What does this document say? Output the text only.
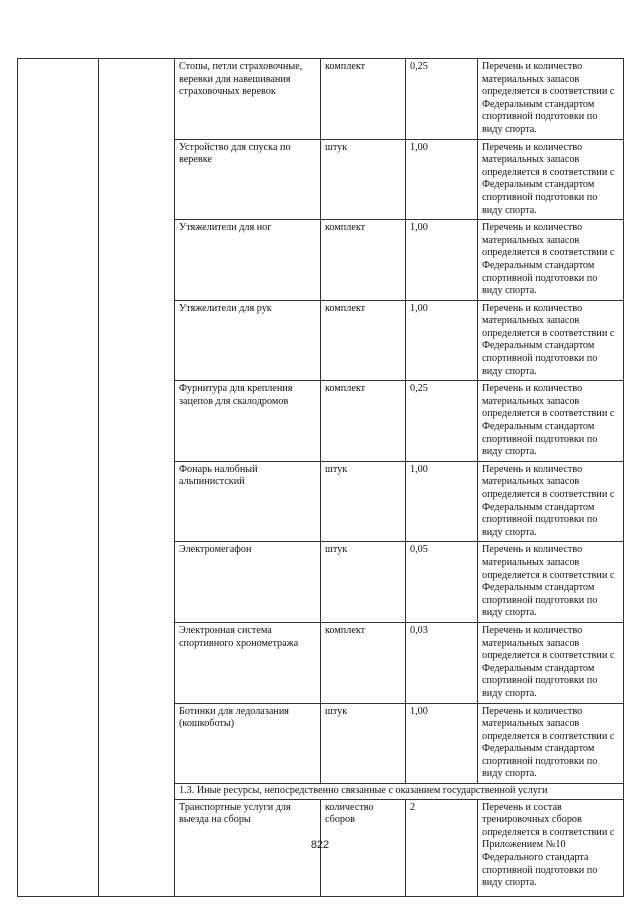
		Стопы, петли страховочные, веревки для навешивания страховочных веревок	комплект	0,25	Перечень и количество материальных запасов определяется в соответствии с Федеральным стандартом спортивной подготовки по виду спорта.
		Устройство для спуска по веревке	штук	1,00	Перечень и количество материальных запасов определяется в соответствии с Федеральным стандартом спортивной подготовки по виду спорта.
		Утяжелители для ног	комплект	1,00	Перечень и количество материальных запасов определяется в соответствии с Федеральным стандартом спортивной подготовки по виду спорта.
		Утяжелители для рук	комплект	1,00	Перечень и количество материальных запасов определяется в соответствии с Федеральным стандартом спортивной подготовки по виду спорта.
		Фурнитура для крепления зацепов для скалодромов	комплект	0,25	Перечень и количество материальных запасов определяется в соответствии с Федеральным стандартом спортивной подготовки по виду спорта.
		Фонарь налобный альпинистский	штук	1,00	Перечень и количество материальных запасов определяется в соответствии с Федеральным стандартом спортивной подготовки по виду спорта.
		Электромегафон	штук	0,05	Перечень и количество материальных запасов определяется в соответствии с Федеральным стандартом спортивной подготовки по виду спорта.
		Электронная система спортивного хронометража	комплект	0,03	Перечень и количество материальных запасов определяется в соответствии с Федеральным стандартом спортивной подготовки по виду спорта.
		Ботинки для ледолазания (кошкоботы)	штук	1,00	Перечень и количество материальных запасов определяется в соответствии с Федеральным стандартом спортивной подготовки по виду спорта.
		1.3. Иные ресурсы, непосредственно связанные с оказанием государственной услуги			
		Транспортные услуги для выезда на сборы	количество сборов	2	Перечень и состав тренировочных сборов определяется в соответствии с Приложением №10 Федерального стандарта спортивной подготовки по виду спорта.
822
